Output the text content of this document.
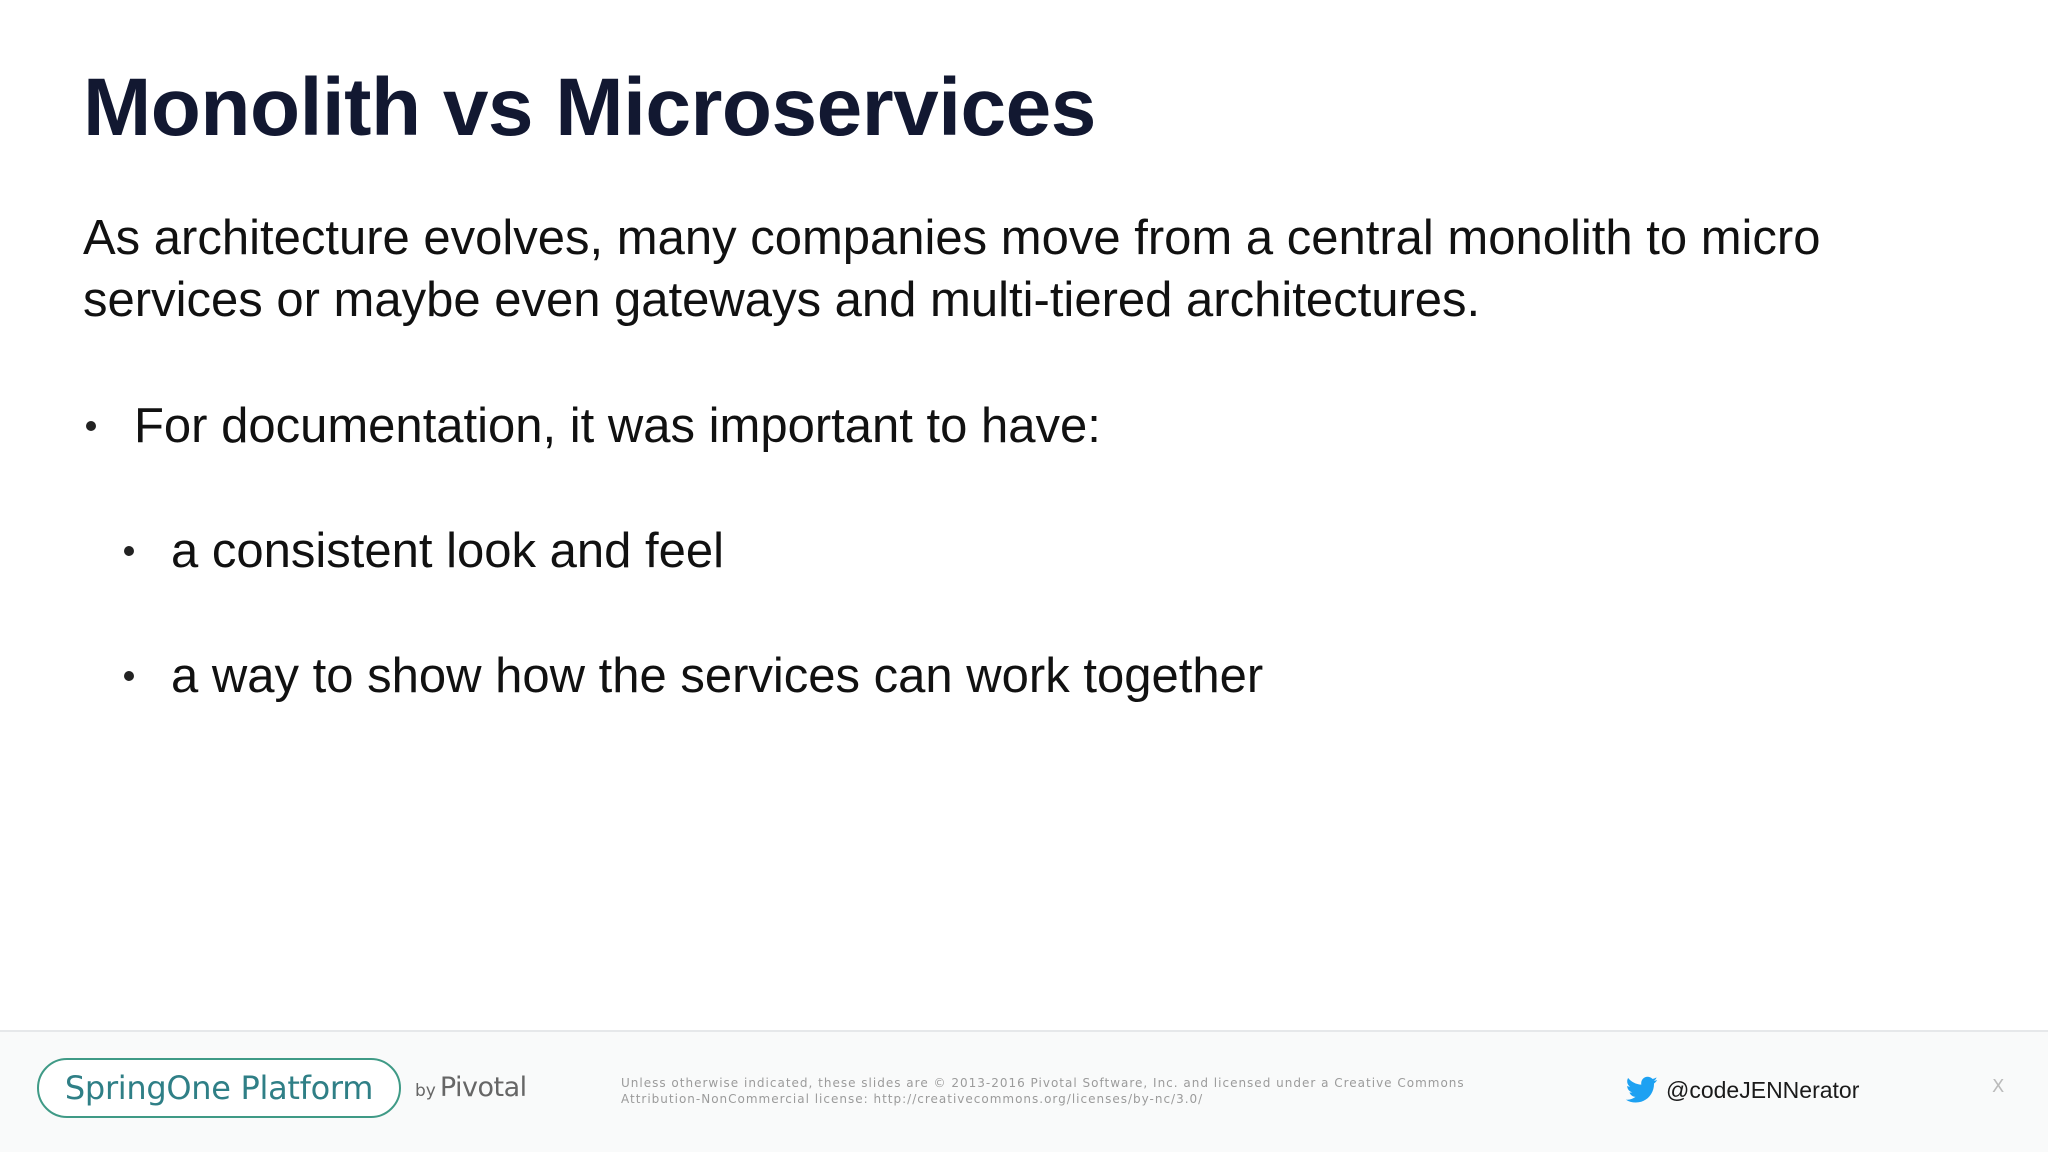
Monolith vs Microservices

As architecture evolves, many companies move from a central monolith to micro services or maybe even gateways and multi-tiered architectures.

For documentation, it was important to have:
a consistent look and feel
a way to show how the services can work together
SpringOne Platform by Pivotal	Unless otherwise indicated, these slides are © 2013-2016 Pivotal Software, Inc. and licensed under a Creative Commons
Attribution-NonCommercial license: http://creativecommons.org/licenses/by-nc/3.0/	@codeJENNerator	X
